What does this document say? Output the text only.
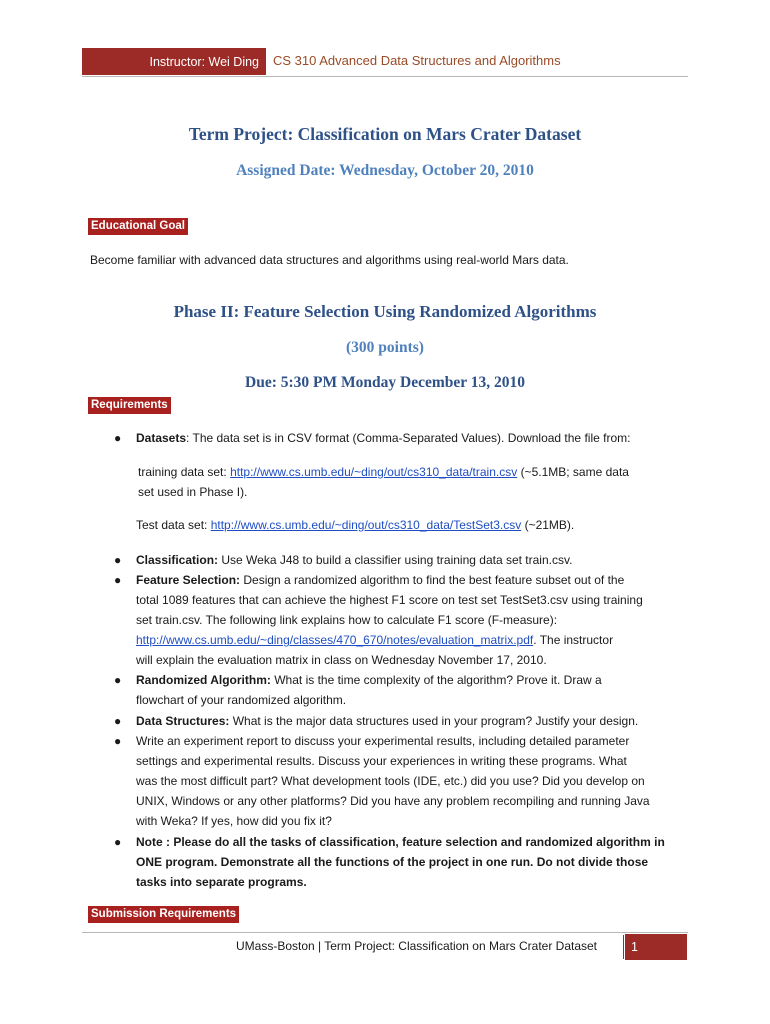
Instructor: Wei Ding CS 310 Advanced Data Structures and Algorithms
Term Project: Classification on Mars Crater Dataset
Assigned Date: Wednesday, October 20, 2010
Educational Goal
Become familiar with advanced data structures and algorithms using real-world Mars data.
Phase II: Feature Selection Using Randomized Algorithms
(300 points)
Due: 5:30 PM Monday December 13, 2010
Requirements
● Datasets: The data set is in CSV format (Comma-Separated Values). Download the file from:
training data set: http://www.cs.umb.edu/~ding/out/cs310_data/train.csv (~5.1MB; same data
set used in Phase I).
Test data set: http://www.cs.umb.edu/~ding/out/cs310_data/TestSet3.csv (~21MB).
● Classification: Use Weka J48 to build a classifier using training data set train.csv.
● Feature Selection: Design a randomized algorithm to find the best feature subset out of the
total 1089 features that can achieve the highest F1 score on test set TestSet3.csv using training
set train.csv. The following link explains how to calculate F1 score (F-measure):
http://www.cs.umb.edu/~ding/classes/470_670/notes/evaluation_matrix.pdf. The instructor
will explain the evaluation matrix in class on Wednesday November 17, 2010.
● Randomized Algorithm: What is the time complexity of the algorithm? Prove it. Draw a
flowchart of your randomized algorithm.
● Data Structures: What is the major data structures used in your program? Justify your design.
● Write an experiment report to discuss your experimental results, including detailed parameter
settings and experimental results. Discuss your experiences in writing these programs. What
was the most difficult part? What development tools (IDE, etc.) did you use? Did you develop on
UNIX, Windows or any other platforms? Did you have any problem recompiling and running Java
with Weka? If yes, how did you fix it?
● Note : Please do all the tasks of classification, feature selection and randomized algorithm in
ONE program. Demonstrate all the functions of the project in one run. Do not divide those
tasks into separate programs.
Submission Requirements
UMass-Boston | Term Project: Classification on Mars Crater Dataset	1
